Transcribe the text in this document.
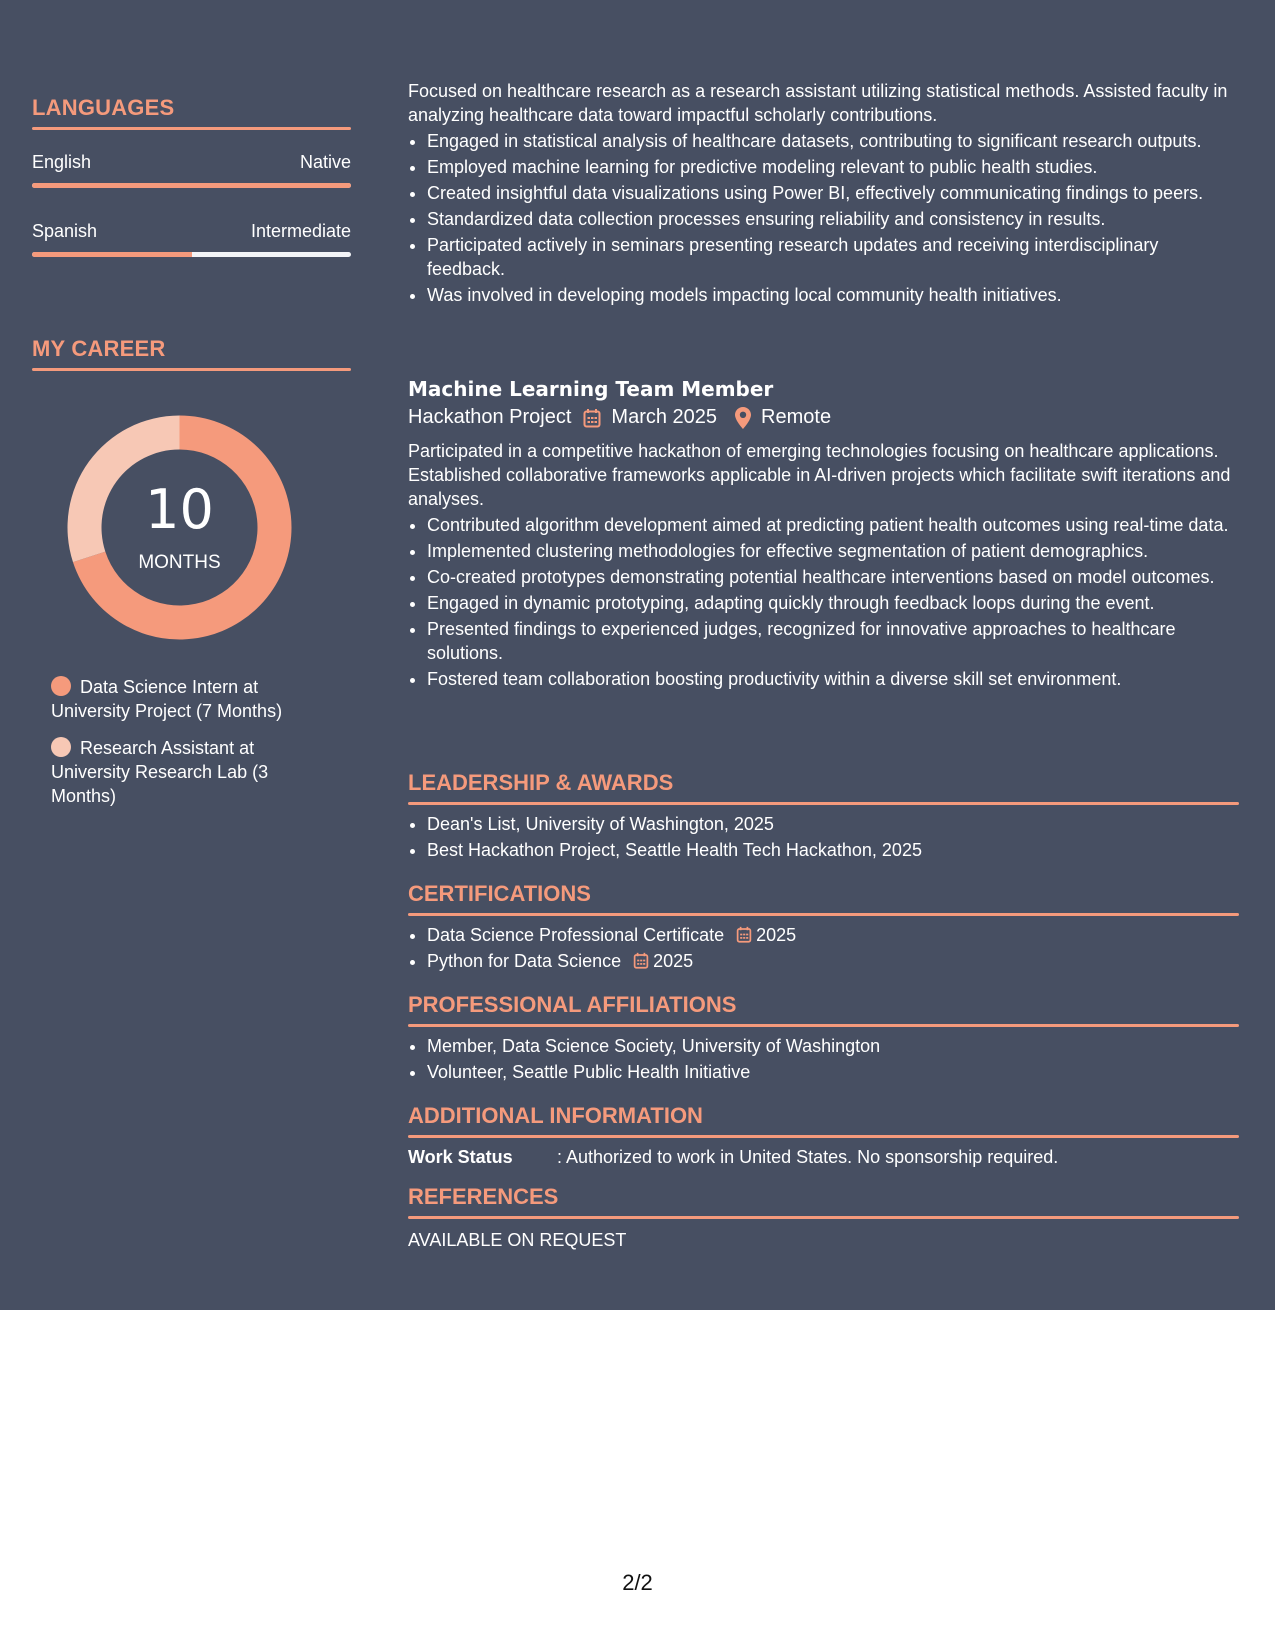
LANGUAGES
English	Native
Spanish	Intermediate
MY CAREER
10
MONTHS
Data Science Intern at University Project (7 Months)
Research Assistant at University Research Lab (3 Months)

Focused on healthcare research as a research assistant utilizing statistical methods. Assisted faculty in analyzing healthcare data toward impactful scholarly contributions.

• Engaged in statistical analysis of healthcare datasets, contributing to significant research outputs.
• Employed machine learning for predictive modeling relevant to public health studies.
• Created insightful data visualizations using Power BI, effectively communicating findings to peers.
• Standardized data collection processes ensuring reliability and consistency in results.
• Participated actively in seminars presenting research updates and receiving interdisciplinary feedback.
• Was involved in developing models impacting local community health initiatives.
Machine Learning Team Member
Hackathon Project March 2025 Remote

Participated in a competitive hackathon of emerging technologies focusing on healthcare applications. Established collaborative frameworks applicable in AI-driven projects which facilitate swift iterations and analyses.

• Contributed algorithm development aimed at predicting patient health outcomes using real-time data.
• Implemented clustering methodologies for effective segmentation of patient demographics.
• Co-created prototypes demonstrating potential healthcare interventions based on model outcomes.
• Engaged in dynamic prototyping, adapting quickly through feedback loops during the event.
• Presented findings to experienced judges, recognized for innovative approaches to healthcare solutions.
• Fostered team collaboration boosting productivity within a diverse skill set environment.
LEADERSHIP & AWARDS
• Dean's List, University of Washington, 2025
• Best Hackathon Project, Seattle Health Tech Hackathon, 2025
CERTIFICATIONS
• Data Science Professional Certificate 2025
• Python for Data Science 2025
PROFESSIONAL AFFILIATIONS
• Member, Data Science Society, University of Washington
• Volunteer, Seattle Public Health Initiative
ADDITIONAL INFORMATION
Work Status : Authorized to work in United States. No sponsorship required.
REFERENCES
AVAILABLE ON REQUEST
2/2
